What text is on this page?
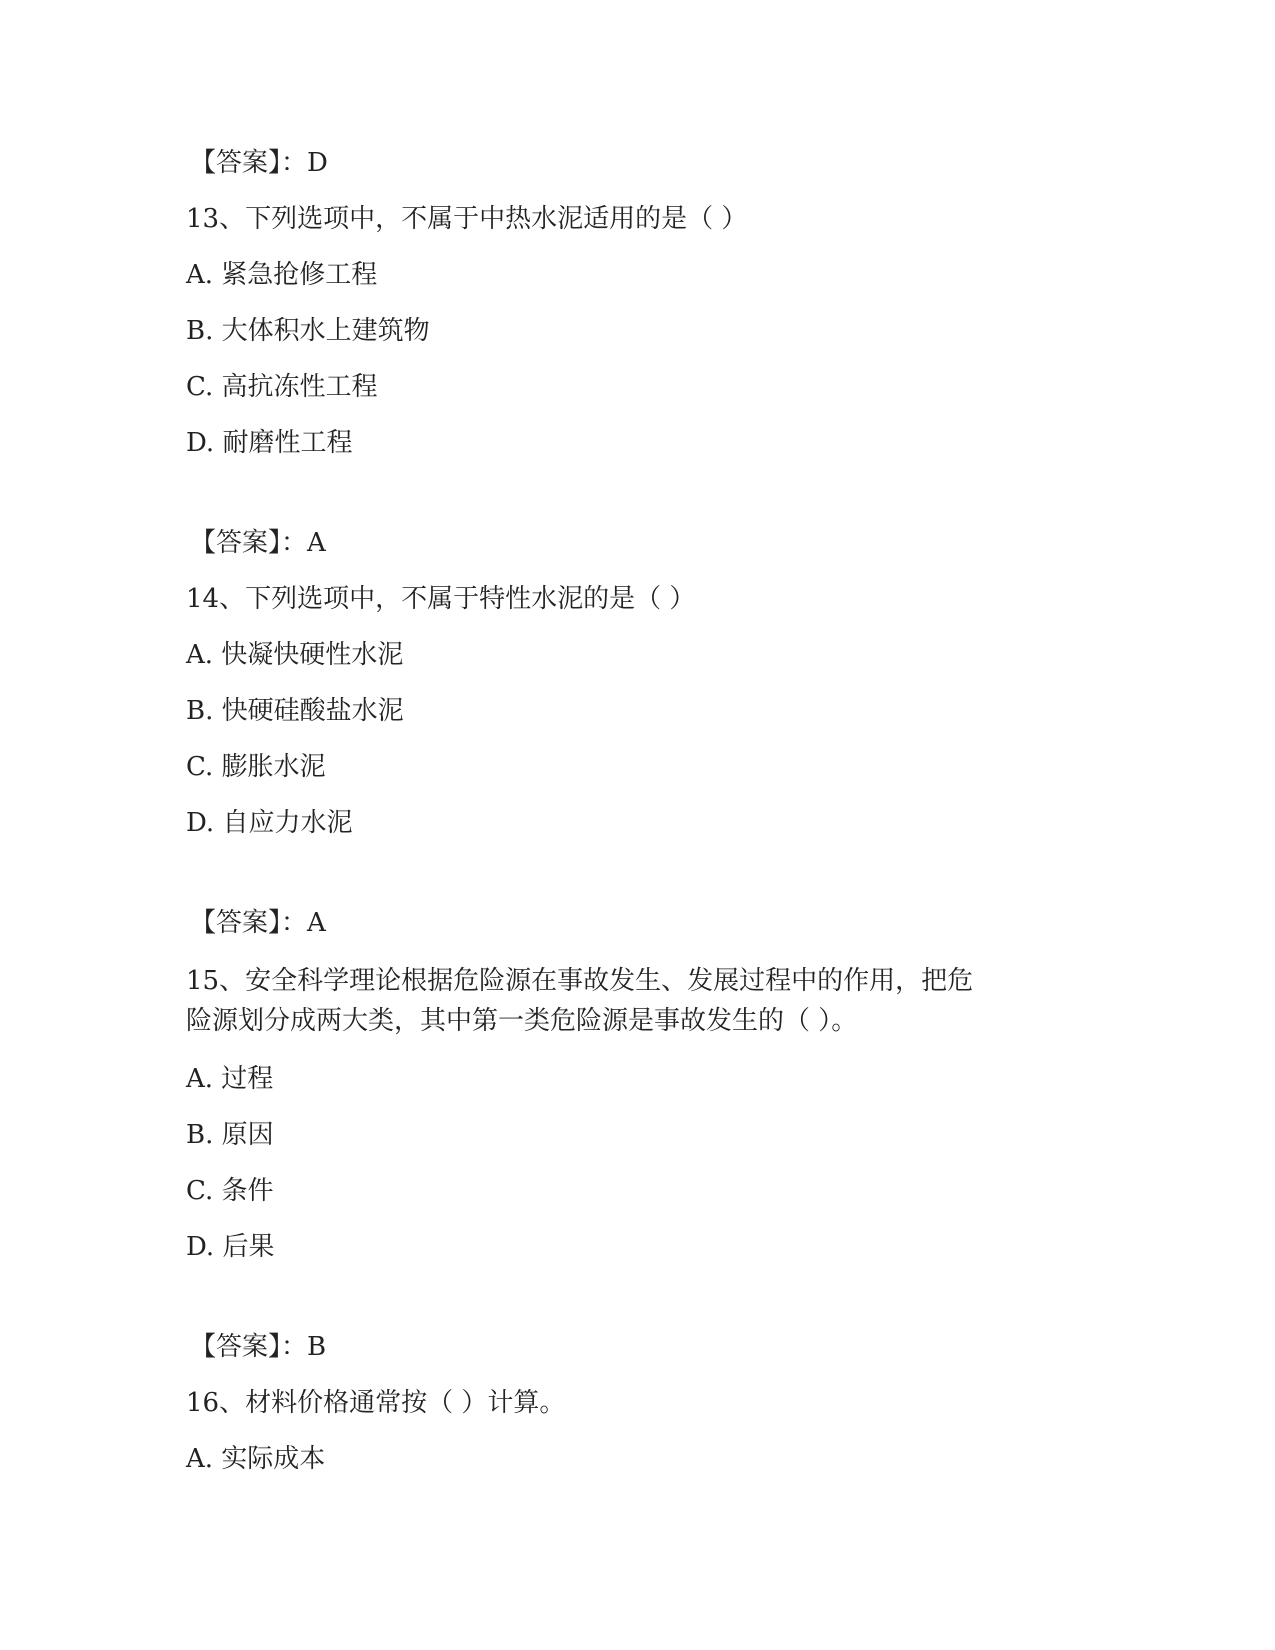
【答案】：D
13、下列选项中，不属于中热水泥适用的是（ ）
A. 紧急抢修工程
B. 大体积水上建筑物
C. 高抗冻性工程
D. 耐磨性工程
【答案】：A
14、下列选项中，不属于特性水泥的是（ ）
A. 快凝快硬性水泥
B. 快硬硅酸盐水泥
C. 膨胀水泥
D. 自应力水泥
【答案】：A
15、安全科学理论根据危险源在事故发生、发展过程中的作用，把危
险源划分成两大类，其中第一类危险源是事故发生的（ ）。
A. 过程
B. 原因
C. 条件
D. 后果
【答案】：B
16、材料价格通常按（ ）计算。
A. 实际成本
